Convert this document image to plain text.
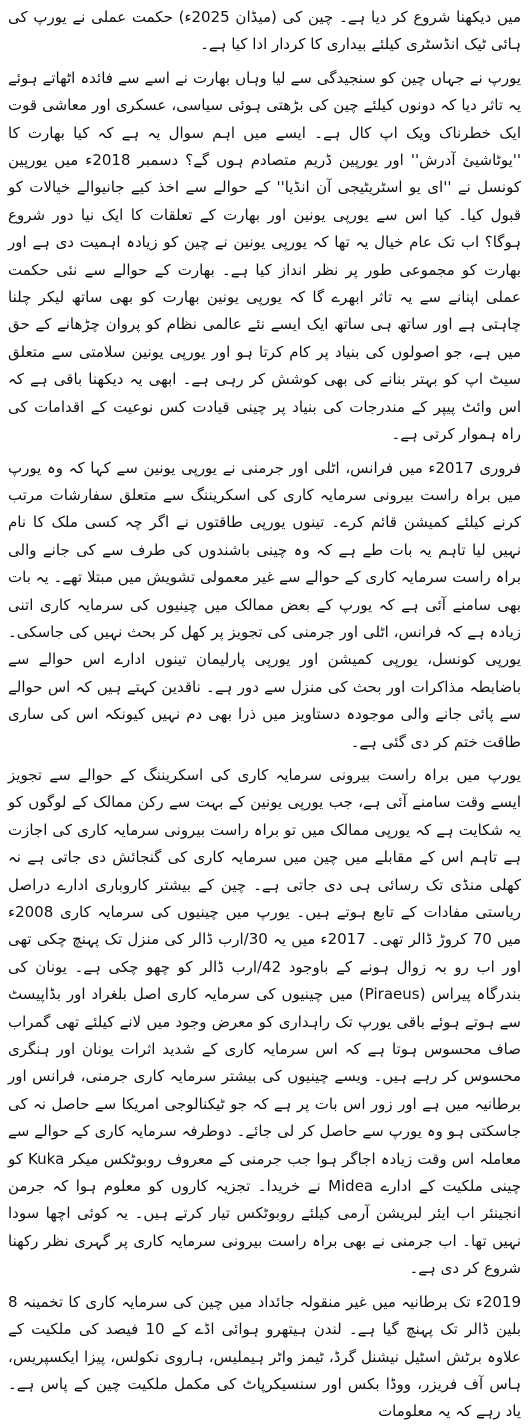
میں دیکھنا شروع کر دیا ہے۔ چین کی (میڈان 2025ء) حکمت عملی نے یورپ کی ہائی ٹیک انڈسٹری کیلئے بیداری کا کردار ادا کیا ہے۔

یورپ نے جہاں چین کو سنجیدگی سے لیا وہاں بھارت نے اسے سے فائدہ اٹھاتے ہوئے یہ تاثر دیا کہ دونوں کیلئے چین کی بڑھتی ہوئی سیاسی، عسکری اور معاشی قوت ایک خطرناک ویک اپ کال ہے۔ ایسے میں اہم سوال یہ ہے کہ کیا بھارت کا ''یوٹاشیئ آدرش'' اور یورپین ڈریم متصادم ہوں گے؟ دسمبر 2018ء میں یورپین کونسل نے ''ای یو اسٹریٹیجی آن انڈیا'' کے حوالے سے اخذ کیے جانیوالے خیالات کو قبول کیا۔ کیا اس سے یورپی یونین اور بھارت کے تعلقات کا ایک نیا دور شروع ہوگا؟ اب تک عام خیال یہ تھا کہ یورپی یونین نے چین کو زیادہ اہمیت دی ہے اور بھارت کو مجموعی طور پر نظر انداز کیا ہے۔ بھارت کے حوالے سے نئی حکمت عملی اپنانے سے یہ تاثر ابھرے گا کہ یورپی یونین بھارت کو بھی ساتھ لیکر چلنا چاہتی ہے اور ساتھ ہی ساتھ ایک ایسے نئے عالمی نظام کو پروان چڑھانے کے حق میں ہے، جو اصولوں کی بنیاد پر کام کرتا ہو اور یورپی یونین سلامتی سے متعلق سیٹ اپ کو بہتر بنانے کی بھی کوشش کر رہی ہے۔ ابھی یہ دیکھنا باقی ہے کہ اس وائٹ پیپر کے مندرجات کی بنیاد پر چینی قیادت کس نوعیت کے اقدامات کی راہ ہموار کرتی ہے۔

فروری 2017ء میں فرانس، اٹلی اور جرمنی نے یورپی یونین سے کہا کہ وہ یورپ میں براہ راست بیرونی سرمایہ کاری کی اسکریننگ سے متعلق سفارشات مرتب کرنے کیلئے کمیشن قائم کرے۔ تینوں یورپی طاقتوں نے اگر چہ کسی ملک کا نام نہیں لیا تاہم یہ بات طے ہے کہ وہ چینی باشندوں کی طرف سے کی جانے والی براہ راست سرمایہ کاری کے حوالے سے غیر معمولی تشویش میں مبتلا تھے۔ یہ بات بھی سامنے آئی ہے کہ یورپ کے بعض ممالک میں چینیوں کی سرمایہ کاری اتنی زیادہ ہے کہ فرانس، اٹلی اور جرمنی کی تجویز پر کھل کر بحث نہیں کی جاسکی۔ یورپی کونسل، یورپی کمیشن اور یورپی پارلیمان تینوں ادارے اس حوالے سے باضابطہ مذاکرات اور بحث کی منزل سے دور ہے۔ ناقدین کہتے ہیں کہ اس حوالے سے پائی جانے والی موجودہ دستاویز میں ذرا بھی دم نہیں کیونکہ اس کی ساری طاقت ختم کر دی گئی ہے۔

یورپ میں براہ راست بیرونی سرمایہ کاری کی اسکریننگ کے حوالے سے تجویز ایسے وقت سامنے آئی ہے، جب یورپی یونین کے بہت سے رکن ممالک کے لوگوں کو یہ شکایت ہے کہ یورپی ممالک میں تو براہ راست بیرونی سرمایہ کاری کی اجازت ہے تاہم اس کے مقابلے میں چین میں سرمایہ کاری کی گنجائش دی جاتی ہے نہ کھلی منڈی تک رسائی ہی دی جاتی ہے۔ چین کے بیشتر کاروباری ادارے دراصل ریاستی مفادات کے تابع ہوتے ہیں۔ یورپ میں چینیوں کی سرمایہ کاری 2008ء میں 70 کروڑ ڈالر تھی۔ 2017ء میں یہ 30/ارب ڈالر کی منزل تک پہنچ چکی تھی اور اب رو بہ زوال ہونے کے باوجود 42/ارب ڈالر کو چھو چکی ہے۔ یونان کی بندرگاہ پیراس (Piraeus) میں چینیوں کی سرمایہ کاری اصل بلغراد اور بڈاپیسٹ سے ہوتے ہوئے باقی یورپ تک راہداری کو معرض وجود میں لانے کیلئے تھی گمراب صاف محسوس ہوتا ہے کہ اس سرمایہ کاری کے شدید اثرات یونان اور ہنگری محسوس کر رہے ہیں۔ ویسے چینیوں کی بیشتر سرمایہ کاری جرمنی، فرانس اور برطانیہ میں ہے اور زور اس بات پر ہے کہ جو ٹیکنالوجی امریکا سے حاصل نہ کی جاسکتی ہو وہ یورپ سے حاصل کر لی جائے۔ دوطرفہ سرمایہ کاری کے حوالے سے معاملہ اس وقت زیادہ اجاگر ہوا جب جرمنی کے معروف روبوٹکس میکر Kuka کو چینی ملکیت کے ادارے Midea نے خریدا۔ تجزیہ کاروں کو معلوم ہوا کہ جرمن انجینئر اب ایئر لبریشن آرمی کیلئے روبوٹکس تیار کرتے ہیں۔ یہ کوئی اچھا سودا نہیں تھا۔ اب جرمنی نے بھی براہ راست بیرونی سرمایہ کاری پر گہری نظر رکھنا شروع کر دی ہے۔

2019ء تک برطانیہ میں غیر منقولہ جائداد میں چین کی سرمایہ کاری کا تخمینہ 8 بلین ڈالر تک پہنچ گیا ہے۔ لندن ہیتھرو ہوائی اڈے کے 10 فیصد کی ملکیت کے علاوہ برٹش اسٹیل نیشنل گرڈ، ٹیمز واٹر ہیملیس، ہاروی نکولس، پیزا ایکسپریس، ہاس آف فریزر، ووڈا بکس اور سنسیکرپاٹ کی مکمل ملکیت چین کے پاس ہے۔ یاد رہے کہ یہ معلومات
